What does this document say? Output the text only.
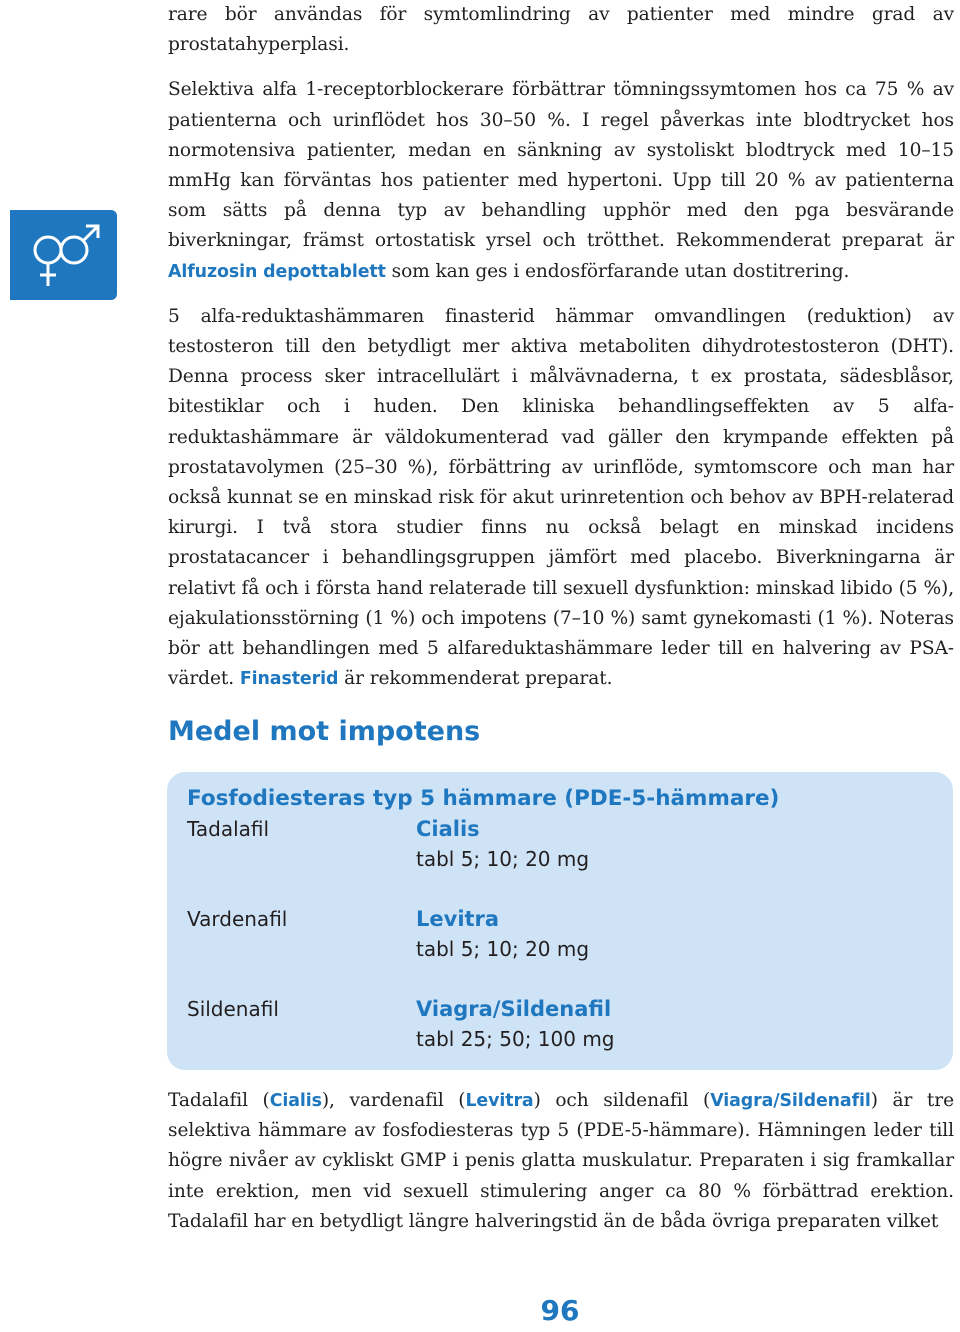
rare bör användas för symtomlindring av patienter med mindre grad av prostatahyperplasi.

Selektiva alfa 1-receptorblockerare förbättrar tömningssymtomen hos ca 75 % av patienterna och urinflödet hos 30–50 %. I regel påverkas inte blodtrycket hos normotensiva patienter, medan en sänkning av systoliskt blodtryck med 10–15 mmHg kan förväntas hos patienter med hypertoni. Upp till 20 % av patienterna som sätts på denna typ av behandling upphör med den pga besvärande biverkningar, främst ortostatisk yrsel och trötthet. Rekommenderat preparat är Alfuzosin depottablett som kan ges i endosförfarande utan dostitrering.

5 alfa-reduktashämmaren finasterid hämmar omvandlingen (reduktion) av testosteron till den betydligt mer aktiva metaboliten dihydrotestosteron (DHT). Denna process sker intracellulärt i målvävnaderna, t ex prostata, sädesblåsor, bitestiklar och i huden. Den kliniska behandlingseffekten av 5 alfa-reduktashämmare är väldokumenterad vad gäller den krympande effekten på prostatavolymen (25–30 %), förbättring av urinflöde, symtomscore och man har också kunnat se en minskad risk för akut urinretention och behov av BPH-relaterad kirurgi. I två stora studier finns nu också belagt en minskad incidens prostatacancer i behandlingsgruppen jämfört med placebo. Biverkningarna är relativt få och i första hand relaterade till sexuell dysfunktion: minskad libido (5 %), ejakulationsstörning (1 %) och impotens (7–10 %) samt gynekomasti (1 %). Noteras bör att behandlingen med 5 alfareduktashämmare leder till en halvering av PSA-värdet. Finasterid är rekommenderat preparat.

Medel mot impotens

Fosfodiesteras typ 5 hämmare (PDE-5-hämmare)

Tadalafil	Cialis
tabl 5; 10; 20 mg
Vardenafil	Levitra
tabl 5; 10; 20 mg
Sildenafil	Viagra/Sildenafil
tabl 25; 50; 100 mg

Tadalafil (Cialis), vardenafil (Levitra) och sildenafil (Viagra/Sildenafil) är tre selektiva hämmare av fosfodiesteras typ 5 (PDE-5-hämmare). Hämningen leder till högre nivåer av cykliskt GMP i penis glatta muskulatur. Preparaten i sig framkallar inte erektion, men vid sexuell stimulering anger ca 80 % förbättrad erektion. Tadalafil har en betydligt längre halveringstid än de båda övriga preparaten vilket

96
